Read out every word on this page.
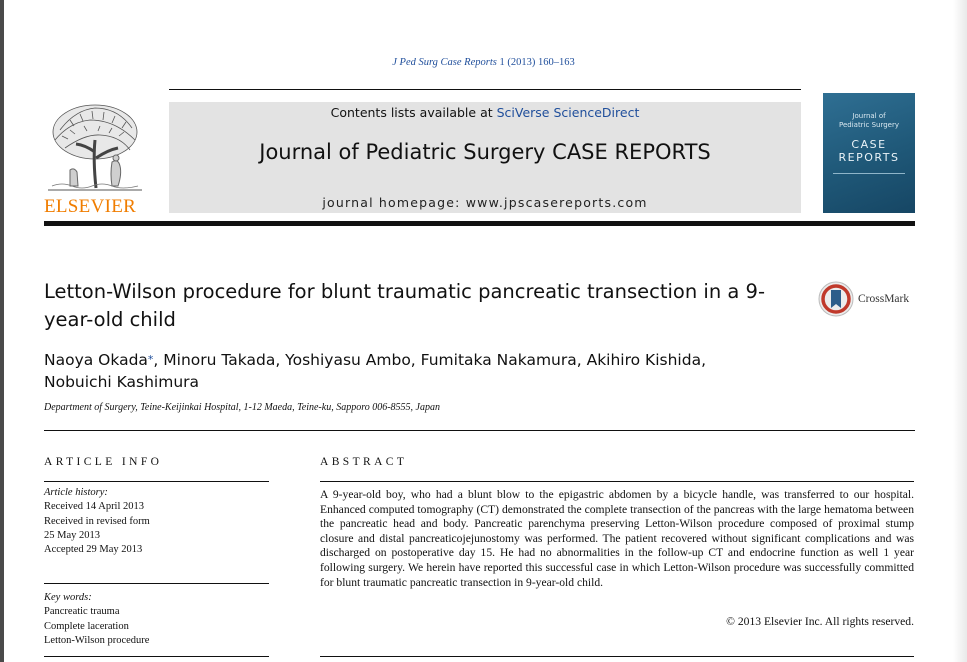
J Ped Surg Case Reports 1 (2013) 160–163
ELSEVIER
Contents lists available at SciVerse ScienceDirect
Journal of Pediatric Surgery CASE REPORTS
journal homepage: www.jpscasereports.com
Journal of
Pediatric Surgery
CASE
REPORTS
Letton-Wilson procedure for blunt traumatic pancreatic transection in a 9-year-old child
CrossMark
Naoya Okada*, Minoru Takada, Yoshiyasu Ambo, Fumitaka Nakamura, Akihiro Kishida,
Nobuichi Kashimura
Department of Surgery, Teine-Keijinkai Hospital, 1-12 Maeda, Teine-ku, Sapporo 006-8555, Japan
ARTICLE INFO	ABSTRACT
Article history:
Received 14 April 2013
Received in revised form
25 May 2013
Accepted 29 May 2013
Key words:
Pancreatic trauma
Complete laceration
Letton-Wilson procedure
A 9-year-old boy, who had a blunt blow to the epigastric abdomen by a bicycle handle, was transferred to our hospital. Enhanced computed tomography (CT) demonstrated the complete transection of the pancreas with the large hematoma between the pancreatic head and body. Pancreatic parenchyma preserving Letton-Wilson procedure composed of proximal stump closure and distal pancreaticojejunostomy was performed. The patient recovered without significant complications and was discharged on postoperative day 15. He had no abnormalities in the follow-up CT and endocrine function as well 1 year following surgery. We herein have reported this successful case in which Letton-Wilson procedure was successfully committed for blunt traumatic pancreatic transection in 9-year-old child.
© 2013 Elsevier Inc. All rights reserved.
